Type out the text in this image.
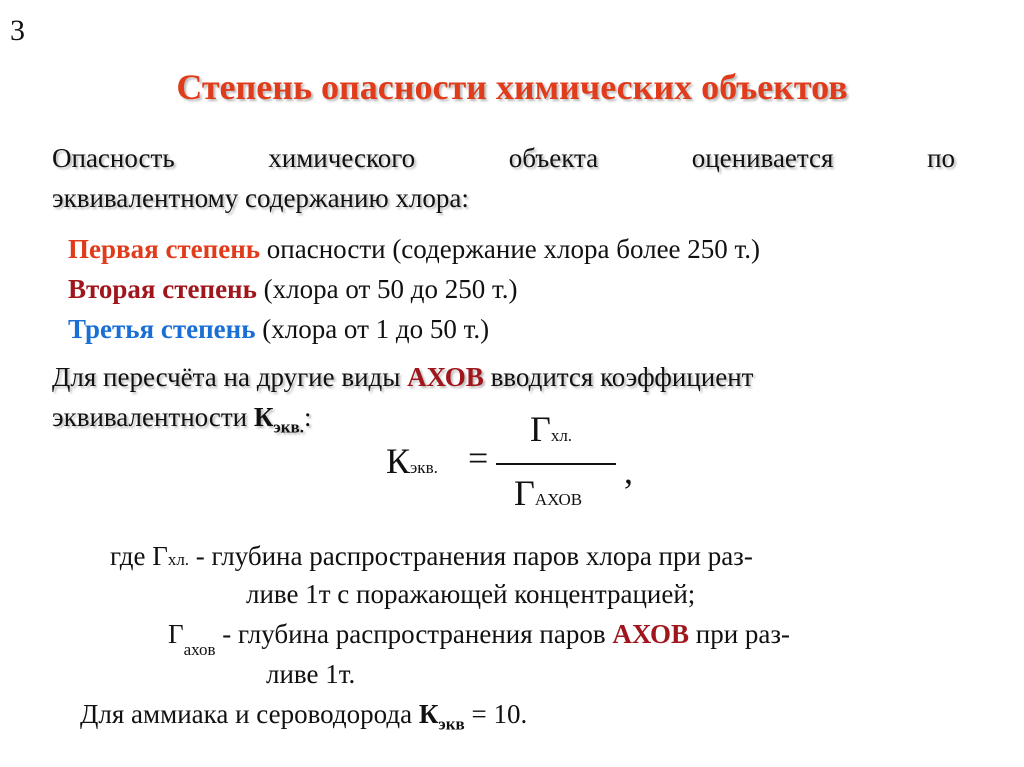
3
Степень опасности химических объектов
Опасность	химического	объекта	оценивается	по
эквивалентному содержанию хлора:
Первая степень опасности (содержание хлора более 250 т.)
Вторая степень (хлора от 50 до 250 т.)
Третья степень (хлора от 1 до 50 т.)
Для пересчёта на другие виды АХОВ вводится коэффициент
эквивалентности $К_{экв.}$:
Кэкв. =
Гхл.
ГАХОВ
,
где Гхл. - глубина распространения паров хлора при раз-
ливе 1т с поражающей концентрацией;
$Г_{ахов}$ - глубина распространения паров АХОВ при раз-
ливе 1т.
Для аммиака и сероводорода $К_{экв} = 10$.
